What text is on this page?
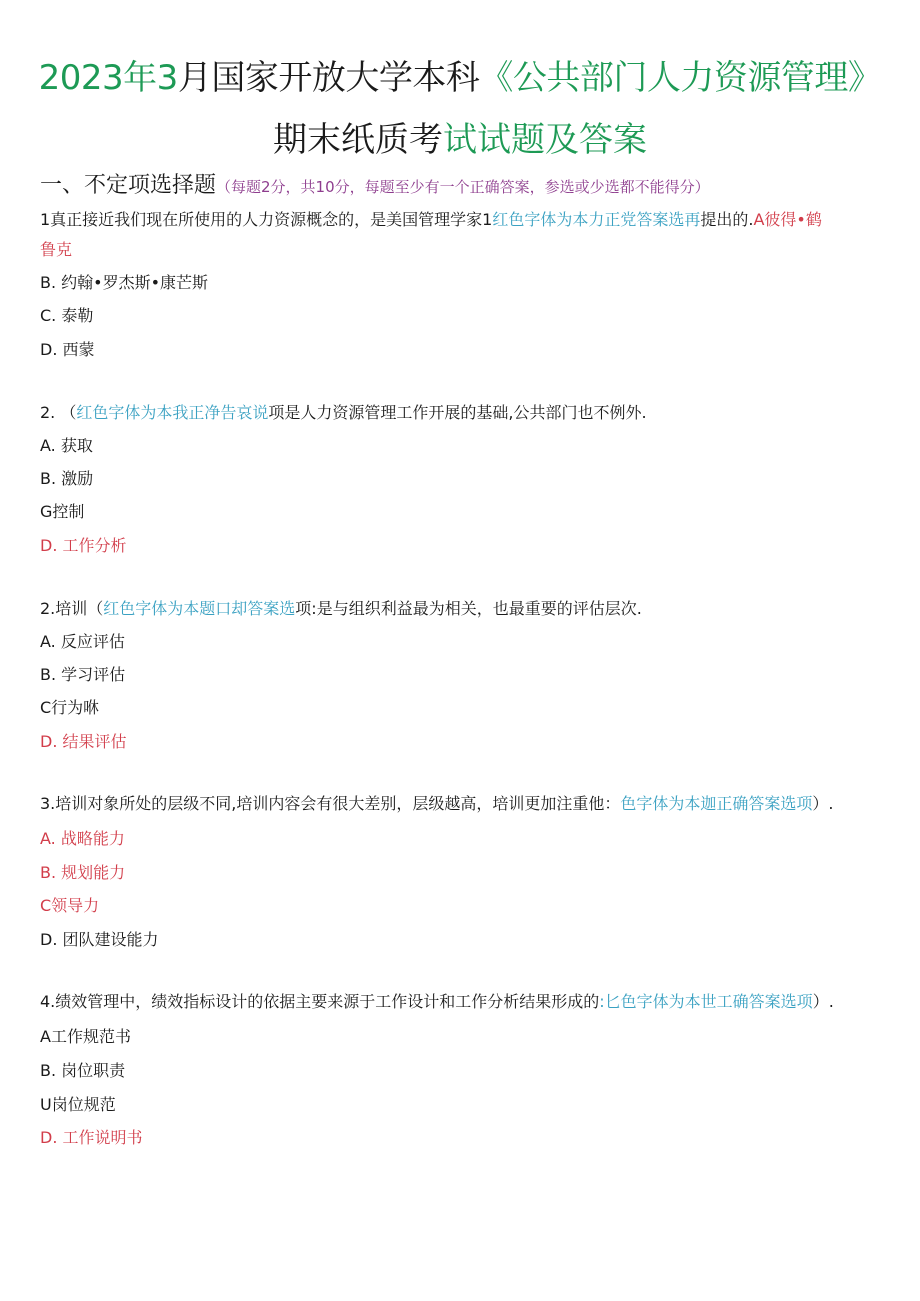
2023年3月国家开放大学本科《公共部门人力资源管理》
期末纸质考试试题及答案
一、不定项选择题（每题2分，共10分，每题至少有一个正确答案，参选或少选都不能得分）
1真正接近我们现在所使用的人力资源概念的，是美国管理学家1红色字体为本力正党答案选再提出的.A彼得•鹤
鲁克
B. 约翰•罗杰斯•康芒斯
C. 泰勒
D. 西蒙
2. （红色字体为本我正净告哀说项是人力资源管理工作开展的基础,公共部门也不例外.
A. 获取
B. 激励
G控制
D. 工作分析
2.培训（红色字体为本题口却答案选项:是与组织利益最为相关，也最重要的评估层次.
A. 反应评估
B. 学习评估
C行为咻
D. 结果评估
3.培训对象所处的层级不同,培训内容会有很大差别，层级越高，培训更加注重他：色字体为本迦正确答案选项）.
A. 战略能力
B. 规划能力
C领导力
D. 团队建设能力
4.绩效管理中，绩效指标设计的依据主要来源于工作设计和工作分析结果形成的:匕色字体为本世工确答案选项）.
A工作规范书
B. 岗位职责
U岗位规范
D. 工作说明书
